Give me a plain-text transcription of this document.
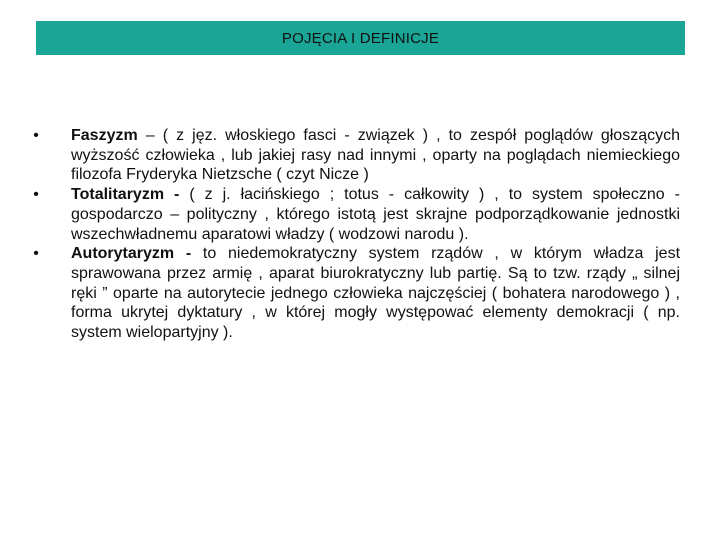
POJĘCIA I DEFINICJE
• Faszyzm – ( z jęz. włoskiego fasci - związek ) , to zespół poglądów głoszących wyższość człowieka , lub jakiej rasy nad innymi , oparty na poglądach niemieckiego filozofa Fryderyka Nietzsche ( czyt Nicze )
• Totalitaryzm - ( z j. łacińskiego ; totus - całkowity ) , to system społeczno - gospodarczo – polityczny , którego istotą jest skrajne podporządkowanie jednostki wszechwładnemu aparatowi władzy ( wodzowi narodu ).
• Autorytaryzm - to niedemokratyczny system rządów , w którym władza jest sprawowana przez armię , aparat biurokratyczny lub partię. Są to tzw. rządy „ silnej ręki ” oparte na autorytecie jednego człowieka najczęściej ( bohatera narodowego ) , forma ukrytej dyktatury , w której mogły występować elementy demokracji ( np. system wielopartyjny ).
